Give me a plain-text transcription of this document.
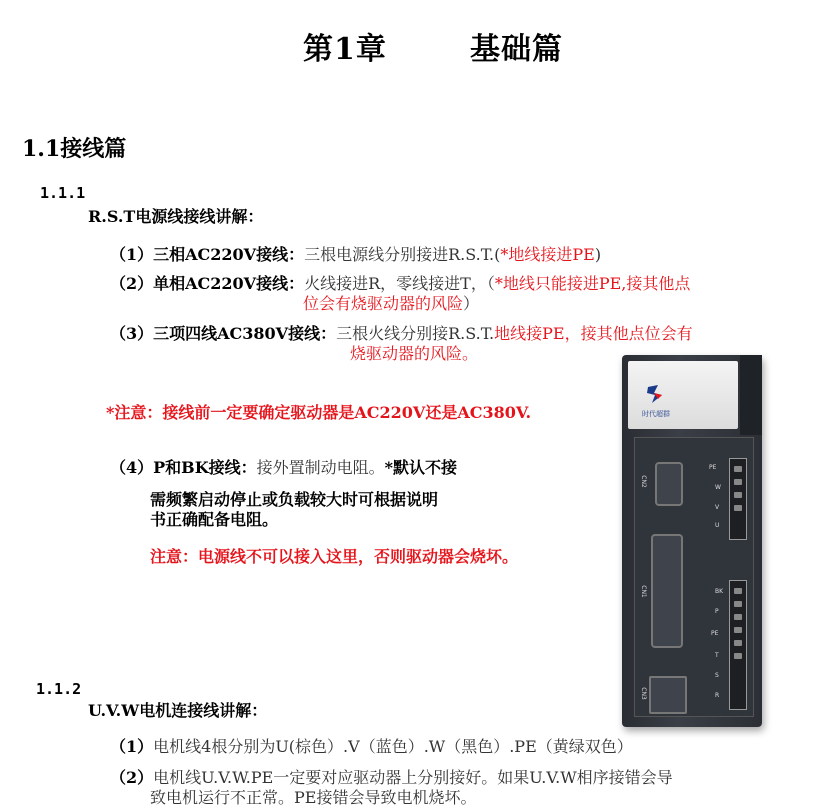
第1章	基础篇
1.1接线篇
1.1.1
R.S.T电源线接线讲解：
（1）三相AC220V接线：三根电源线分别接进R.S.T.(*地线接进PE)
（2）单相AC220V接线：火线接进R，零线接进T，（*地线只能接进PE,接其他点
位会有烧驱动器的风险）
（3）三项四线AC380V接线：三根火线分别接R.S.T.地线接PE，接其他点位会有
烧驱动器的风险。
*注意：接线前一定要确定驱动器是AC220V还是AC380V.
（4）P和BK接线：接外置制动电阻。*默认不接
需频繁启动停止或负载较大时可根据说明
书正确配备电阻。
注意：电源线不可以接入这里，否则驱动器会烧坏。
1.1.2
U.V.W电机连接线讲解：
（1）电机线4根分别为U(棕色）.V（蓝色）.W（黑色）.PE（黄绿双色）
（2）电机线U.V.W.PE一定要对应驱动器上分别接好。如果U.V.W相序接错会导
致电机运行不正常。PE接错会导致电机烧坏。
时代超群
CN2
CN1
CN3
PE
W
V
U
BK
P
PE
T
S
R
